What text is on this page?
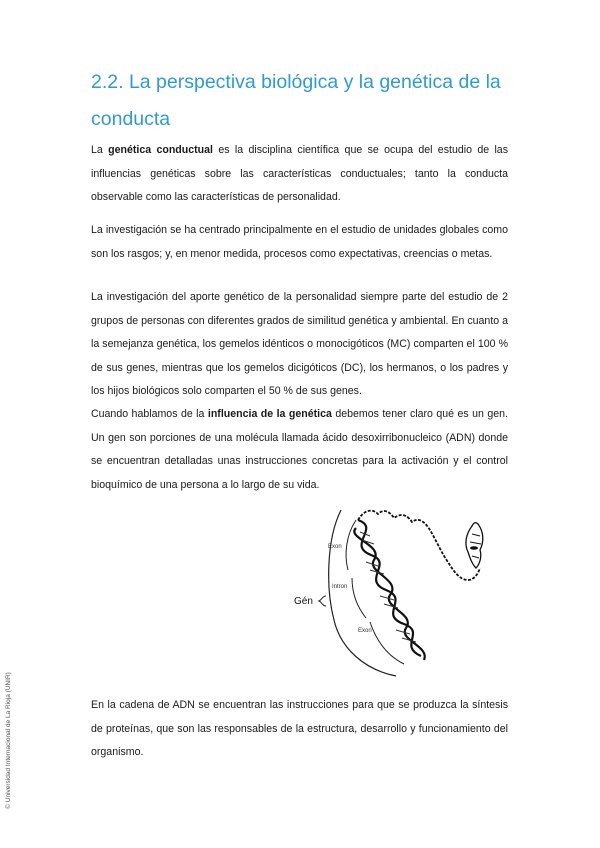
© Universidad Internacional de La Rioja (UNIR)
2.2. La perspectiva biológica y la genética de la conducta

La genética conductual es la disciplina científica que se ocupa del estudio de las influencias genéticas sobre las características conductuales; tanto la conducta observable como las características de personalidad.

La investigación se ha centrado principalmente en el estudio de unidades globales como son los rasgos; y, en menor medida, procesos como expectativas, creencias o metas.

La investigación del aporte genético de la personalidad siempre parte del estudio de 2 grupos de personas con diferentes grados de similitud genética y ambiental. En cuanto a la semejanza genética, los gemelos idénticos o monocigóticos (MC) comparten el 100 % de sus genes, mientras que los gemelos dicigóticos (DC), los hermanos, o los padres y los hijos biológicos solo comparten el 50 % de sus genes.

Cuando hablamos de la influencia de la genética debemos tener claro qué es un gen. Un gen son porciones de una molécula llamada ácido desoxirribonucleico (ADN) donde se encuentran detalladas unas instrucciones concretas para la activación y el control bioquímico de una persona a lo largo de su vida.

Exon
Intron
Exon
Gén

En la cadena de ADN se encuentran las instrucciones para que se produzca la síntesis de proteínas, que son las responsables de la estructura, desarrollo y funcionamiento del organismo.
